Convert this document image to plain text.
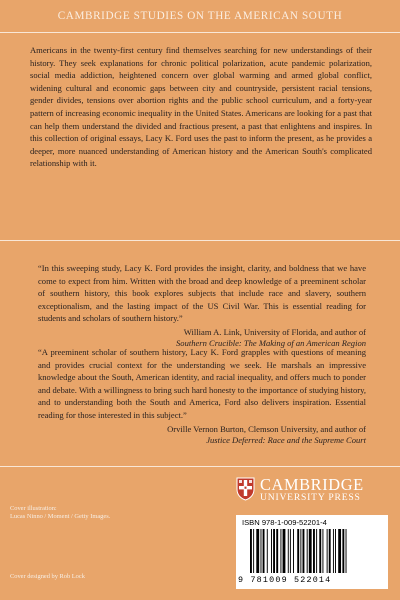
CAMBRIDGE STUDIES ON THE AMERICAN SOUTH

Americans in the twenty-first century find themselves searching for new understandings of their history. They seek explanations for chronic political polarization, acute pandemic polarization, social media addiction, heightened concern over global warming and armed global conflict, widening cultural and economic gaps between city and countryside, persistent racial tensions, gender divides, tensions over abortion rights and the public school curriculum, and a forty-year pattern of increasing economic inequality in the United States. Americans are looking for a past that can help them understand the divided and fractious present, a past that enlightens and inspires. In this collection of original essays, Lacy K. Ford uses the past to inform the present, as he provides a deeper, more nuanced understanding of American history and the American South's complicated relationship with it.

“In this sweeping study, Lacy K. Ford provides the insight, clarity, and boldness that we have come to expect from him. Written with the broad and deep knowledge of a preeminent scholar of southern history, this book explores subjects that include race and slavery, southern exceptionalism, and the lasting impact of the US Civil War. This is essential reading for students and scholars of southern history.”

William A. Link, University of Florida, and author of
Southern Crucible: The Making of an American Region

“A preeminent scholar of southern history, Lacy K. Ford grapples with questions of meaning and provides crucial context for the understanding we seek. He marshals an impressive knowledge about the South, American identity, and racial inequality, and offers much to ponder and debate. With a willingness to bring such hard honesty to the importance of studying history, and to understanding both the South and America, Ford also delivers inspiration. Essential reading for those interested in this subject.”

Orville Vernon Burton, Clemson University, and author of
Justice Deferred: Race and the Supreme Court
Cover illustration:
Lucas Ninno / Moment / Getty Images.
CAMBRIDGE
UNIVERSITY PRESS
ISBN 978-1-009-52201-4
9 781009 522014
Cover designed by Rob Lock
